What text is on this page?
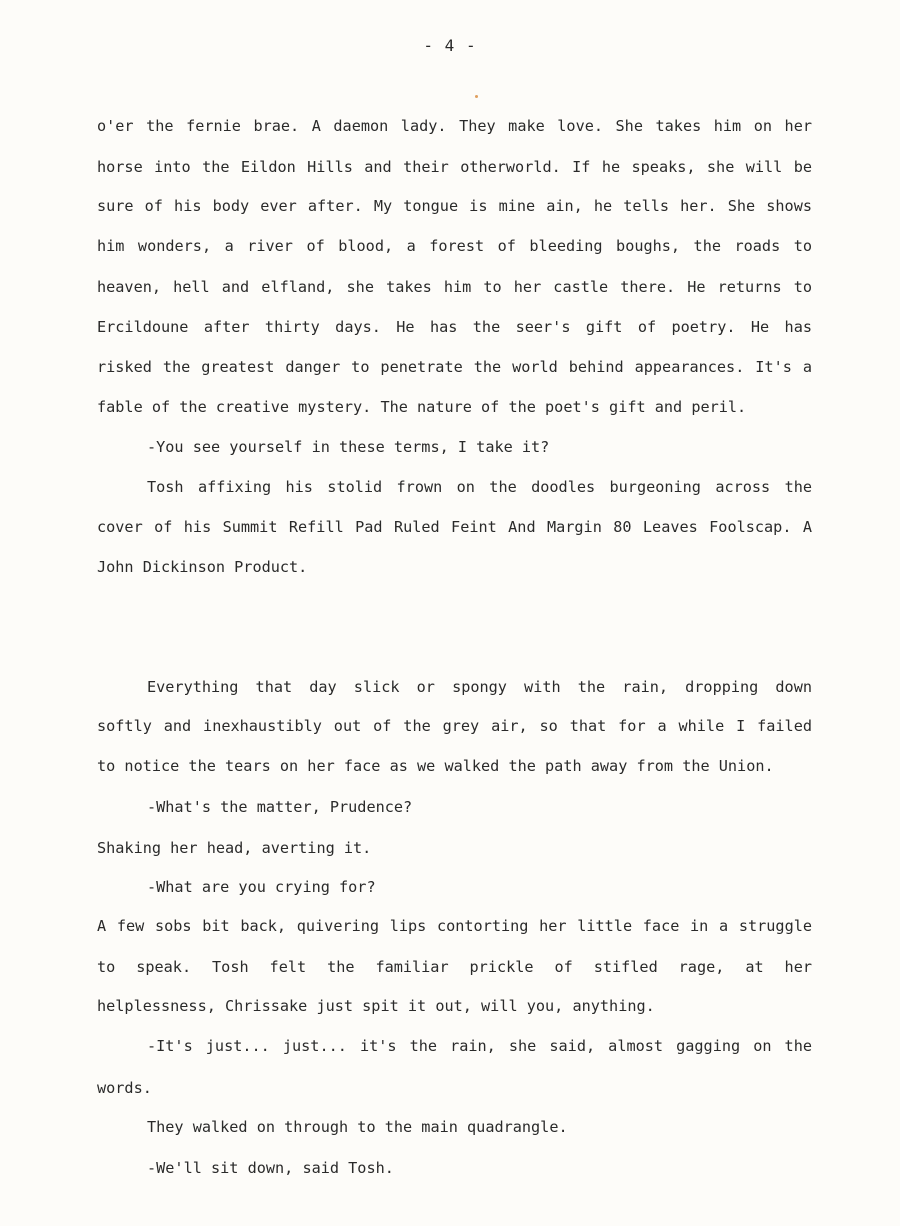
- 4 -
o'er the fernie brae. A daemon lady. They make love. She takes him on her
horse into the Eildon Hills and their otherworld. If he speaks, she will be
sure of his body ever after. My tongue is mine ain, he tells her. She shows
him wonders, a river of blood, a forest of bleeding boughs, the roads to
heaven, hell and elfland, she takes him to her castle there. He returns to
Ercildoune after thirty days. He has the seer's gift of poetry. He has
risked the greatest danger to penetrate the world behind appearances. It's a
fable of the creative mystery. The nature of the poet's gift and peril.
-You see yourself in these terms, I take it?
Tosh affixing his stolid frown on the doodles burgeoning across the
cover of his Summit Refill Pad Ruled Feint And Margin 80 Leaves Foolscap. A
John Dickinson Product.
Everything that day slick or spongy with the rain, dropping down
softly and inexhaustibly out of the grey air, so that for a while I failed
to notice the tears on her face as we walked the path away from the Union.
-What's the matter, Prudence?
Shaking her head, averting it.
-What are you crying for?
A few sobs bit back, quivering lips contorting her little face in a struggle
to speak. Tosh felt the familiar prickle of stifled rage, at her
helplessness, Chrissake just spit it out, will you, anything.
-It's just... just... it's the rain, she said, almost gagging on the
words.
They walked on through to the main quadrangle.
-We'll sit down, said Tosh.
